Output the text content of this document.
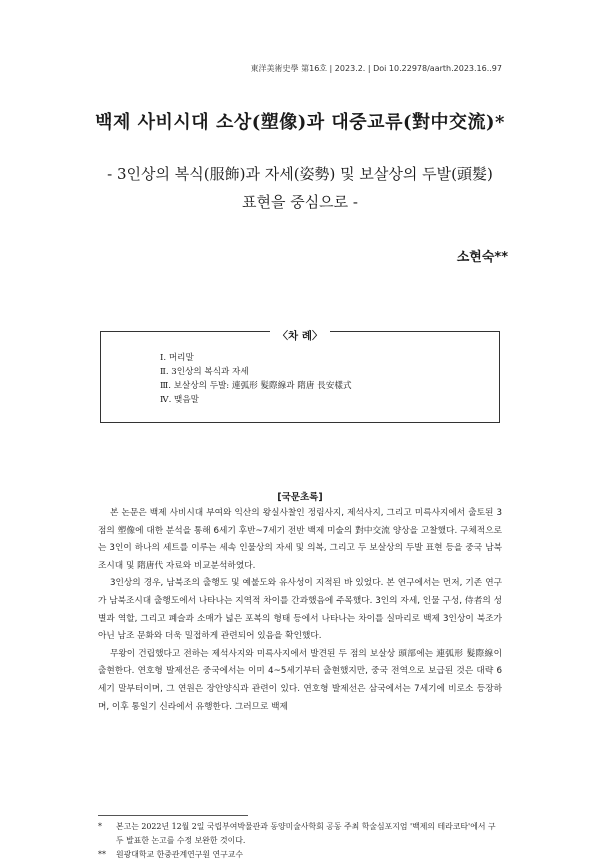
東洋美術史學 第16호 | 2023.2. | Doi 10.22978/aarth.2023.16..97
백제 사비시대 소상(塑像)과 대중교류(對中交流)*
- 3인상의 복식(服飾)과 자세(姿勢) 및 보살상의 두발(頭髮)
표현을 중심으로 -
소현숙**
〈차 례〉
Ⅰ. 머리말
Ⅱ. 3인상의 복식과 자세
Ⅲ. 보살상의 두발: 連弧形 髮際線과 隋唐 長安樣式
Ⅳ. 맺음말
[국문초록]

본 논문은 백제 사비시대 부여와 익산의 왕실사찰인 정림사지, 제석사지, 그리고 미륵사지에서 출토된 3점의 塑像에 대한 분석을 통해 6세기 후반~7세기 전반 백제 미술의 對中交流 양상을 고찰했다. 구체적으로는 3인이 하나의 세트를 이루는 세속 인물상의 자세 및 의복, 그리고 두 보살상의 두발 표현 등을 중국 남북조시대 및 隋唐代 자료와 비교분석하였다.

3인상의 경우, 남북조의 출행도 및 예불도와 유사성이 지적된 바 있었다. 본 연구에서는 먼저, 기존 연구가 남북조시대 출행도에서 나타나는 지역적 차이를 간과했음에 주목했다. 3인의 자세, 인물 구성, 侍者의 성별과 역할, 그리고 폐슬과 소매가 넓은 포복의 형태 등에서 나타나는 차이를 실마리로 백제 3인상이 북조가 아닌 남조 문화와 더욱 밀접하게 관련되어 있음을 확인했다.

무왕이 건립했다고 전하는 제석사지와 미륵사지에서 발견된 두 점의 보살상 頭部에는 連弧形 髮際線이 출현한다. 연호형 발제선은 중국에서는 이미 4~5세기부터 출현했지만, 중국 전역으로 보급된 것은 대략 6세기 말부터이며, 그 연원은 장안양식과 관련이 있다. 연호형 발제선은 삼국에서는 7세기에 비로소 등장하며, 이후 통일기 신라에서 유행한다. 그러므로 백제

* 본고는 2022년 12월 2일 국립부여박물관과 동양미술사학회 공동 주최 학술심포지엄 '백제의 테라코타'에서 구두 발표한 논고를 수정 보완한 것이다.
** 원광대학교 한중관계연구원 연구교수
